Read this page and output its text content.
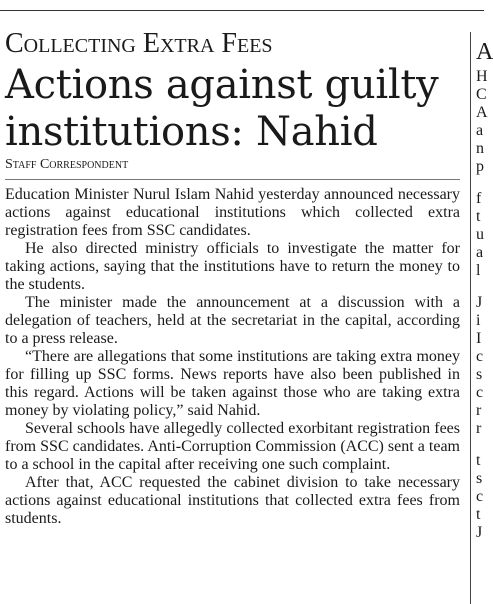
Collecting Extra Fees
Actions against guilty institutions: Nahid
Staff Correspondent

Education Minister Nurul Islam Nahid yesterday announced necessary actions against educational institutions which collected extra registration fees from SSC candidates.

He also directed ministry officials to investigate the matter for taking actions, saying that the institutions have to return the money to the students.

The minister made the announcement at a discussion with a delegation of teachers, held at the secretariat in the capital, according to a press release.

“There are allegations that some institutions are taking extra money for filling up SSC forms. News reports have also been published in this regard. Actions will be taken against those who are taking extra money by violating policy,” said Nahid.

Several schools have allegedly collected exorbitant registration fees from SSC candidates. Anti-Corruption Commission (ACC) sent a team to a school in the capital after receiving one such complaint.

After that, ACC requested the cabinet division to take necessary actions against educational institutions that collected extra fees from students.

A
H
C
A
a
n
p
f
t
u
a
l
J
i
I
c
s
c
r
r
t
s
c
t
J
